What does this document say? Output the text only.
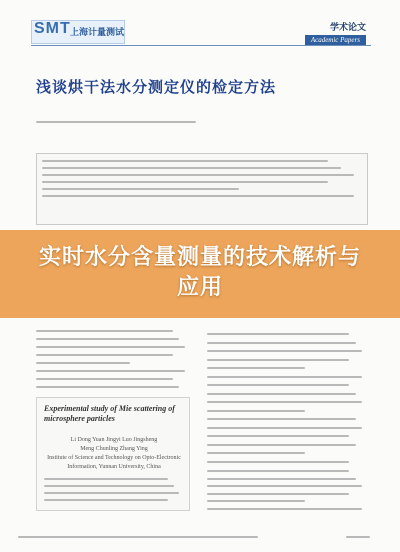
SMT 上海计量测试	学术论文
Academic Papers
浅谈烘干法水分测定仪的检定方法
Experimental study of Mie scattering of microsphere particles
Li Dong Yuan Jingyi Luo Jingsheng
Meng Chunling Zhang Ying
Institute of Science and Technology on Opto-Electronic
Information, Yunnan University, China
实时水分含量测量的技术解析与应用
